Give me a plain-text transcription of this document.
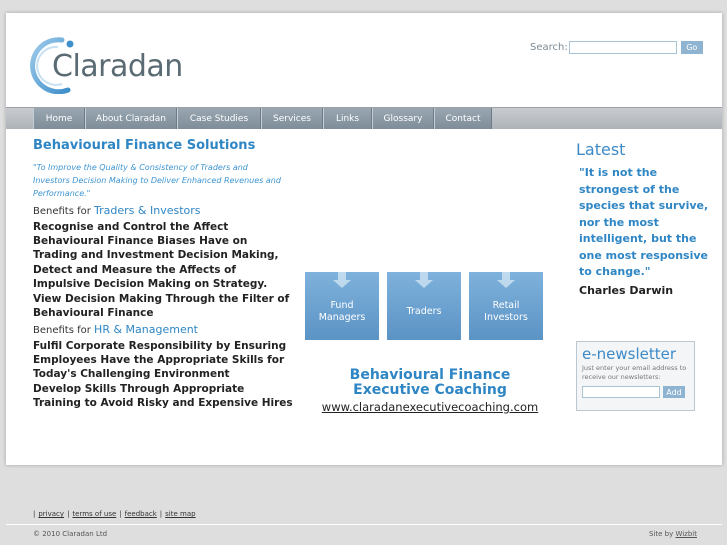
Claradan
Search:	Go
Home	About Claradan	Case Studies	Services	Links	Glossary	Contact
Behavioural Finance Solutions
"To Improve the Quality & Consistency of Traders and Investors Decision Making to Deliver Enhanced Revenues and Performance."
Benefits for Traders & Investors
Recognise and Control the Affect Behavioural Finance Biases Have on Trading and Investment Decision Making,
Detect and Measure the Affects of Impulsive Decision Making on Strategy.
View Decision Making Through the Filter of Behavioural Finance
Benefits for HR & Management
Fulfil Corporate Responsibility by Ensuring Employees Have the Appropriate Skills for Today's Challenging Environment
Develop Skills Through Appropriate Training to Avoid Risky and Expensive Hires
Fund
Managers
Traders
Retail
Investors
Behavioural Finance
Executive Coaching
www.claradanexecutivecoaching.com
Latest
"It is not the strongest of the species that survive, nor the most intelligent, but the one most responsive to change."
Charles Darwin
e-newsletter
Just enter your email address to receive our newsletters:
Add
| privacy | terms of use | feedback | site map
© 2010 Claradan Ltd	Site by Wizbit
